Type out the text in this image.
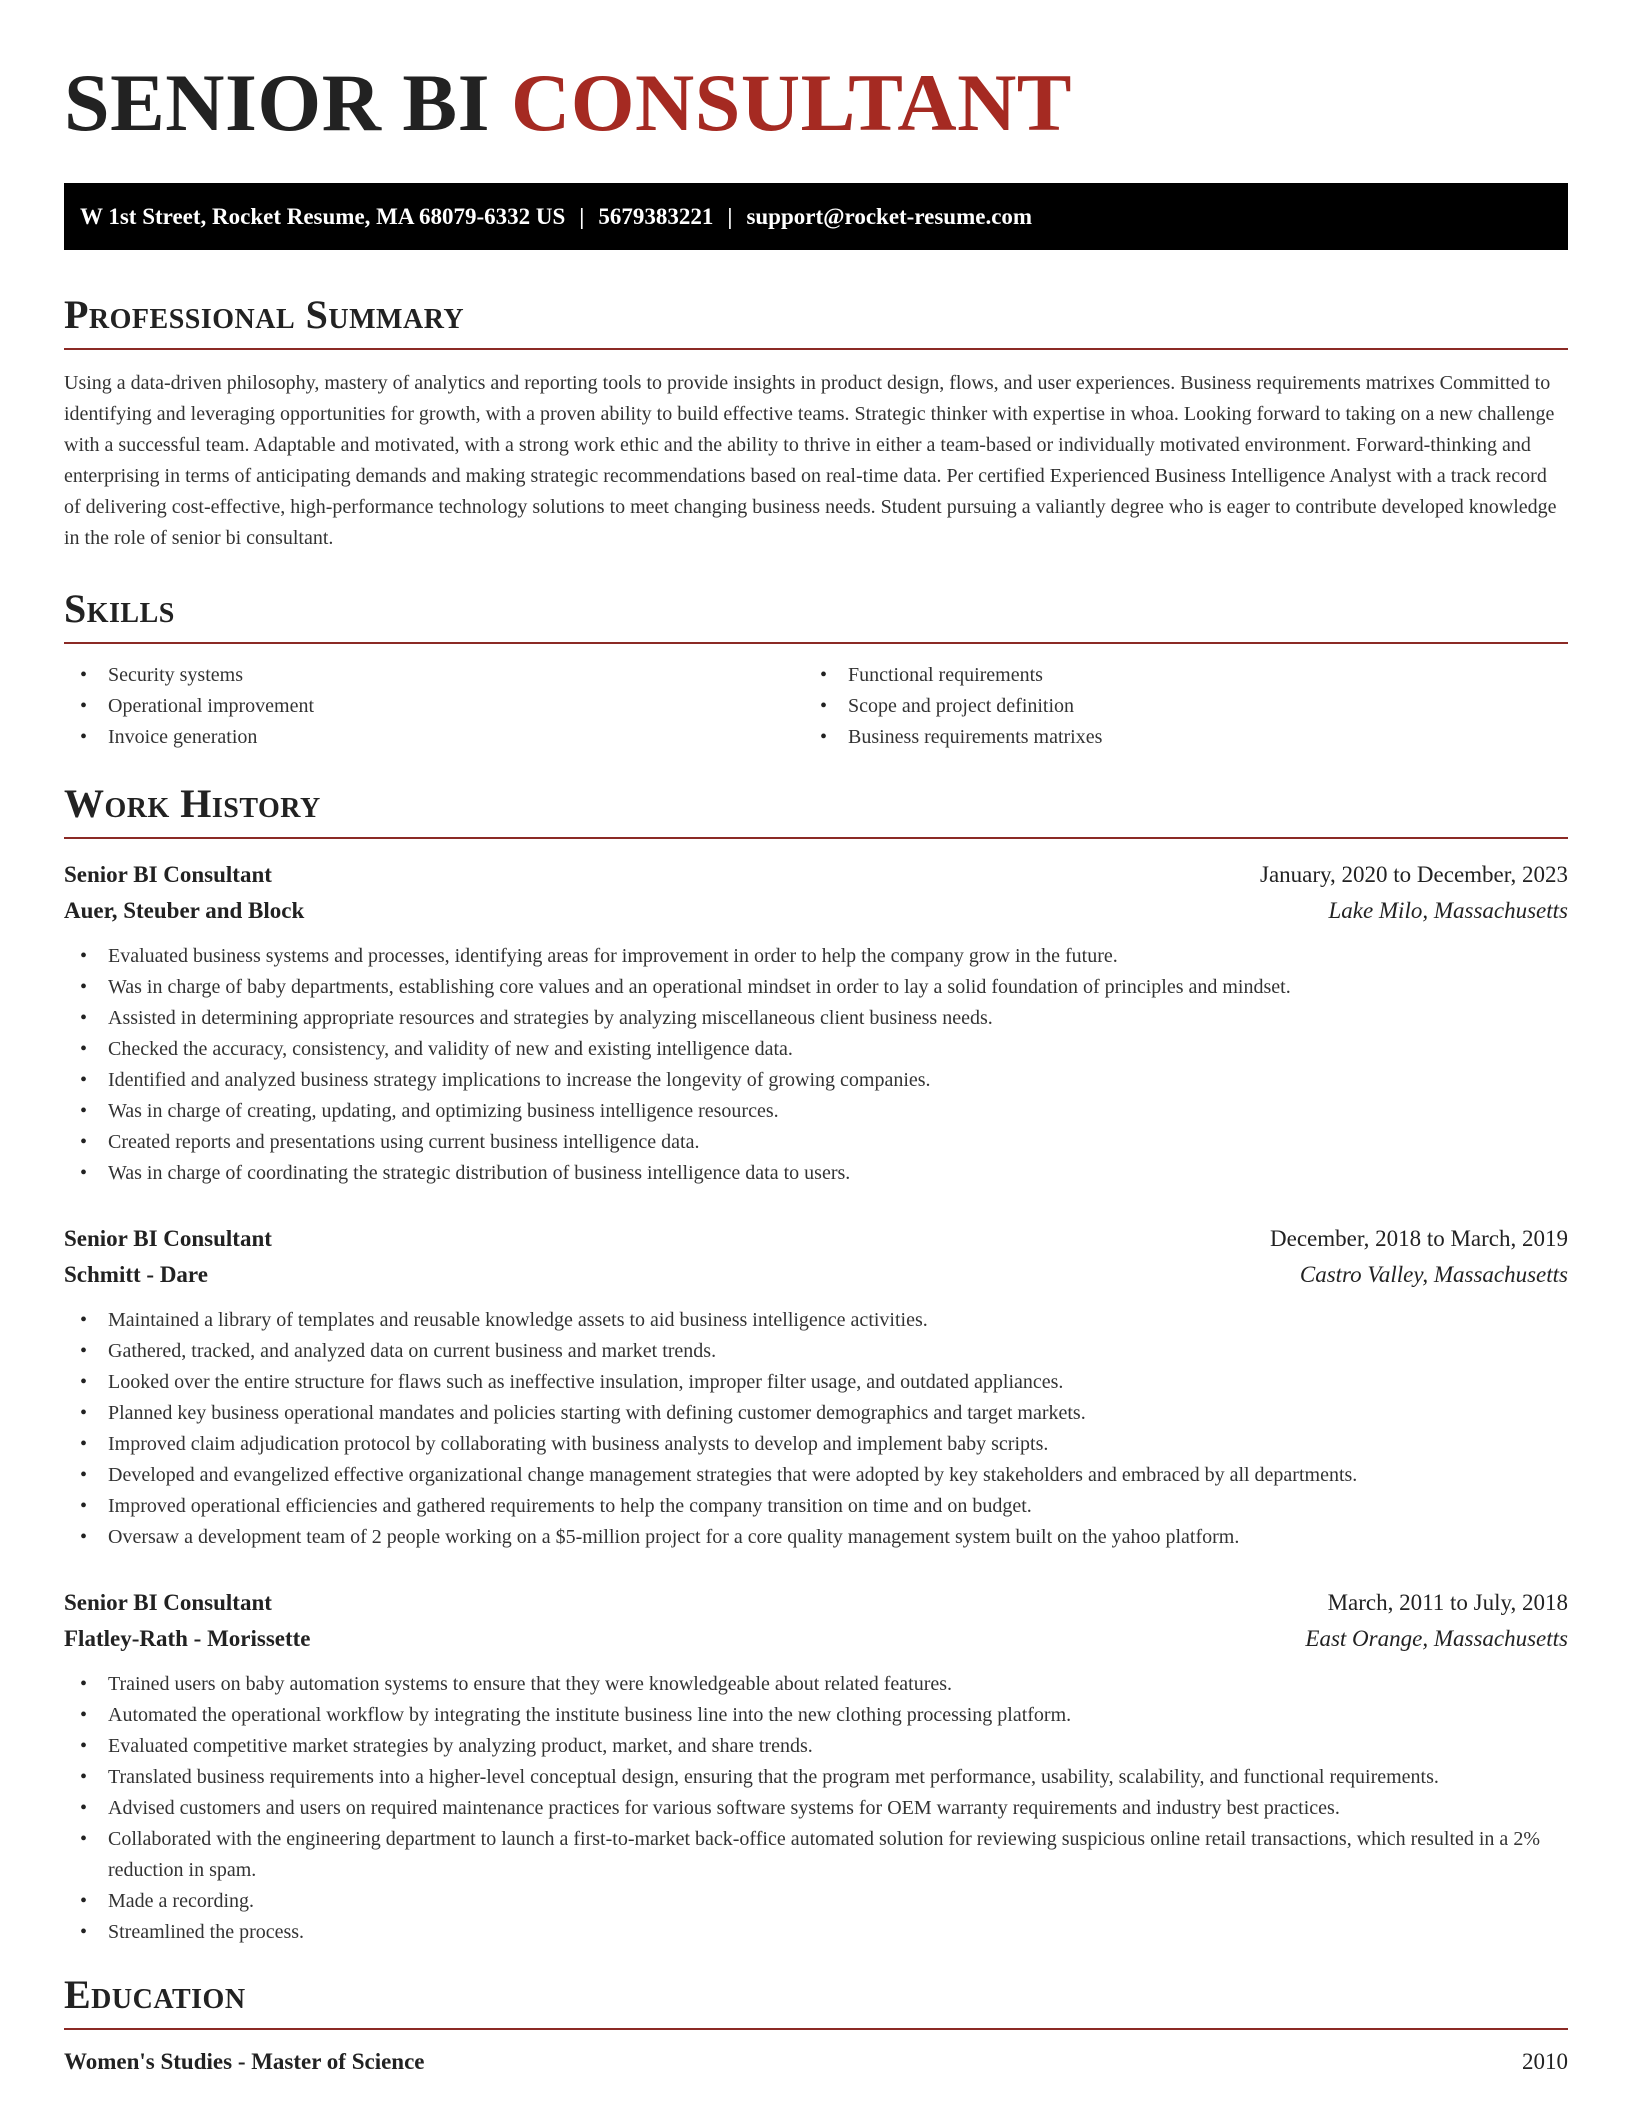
SENIOR BI CONSULTANT
W 1st Street, Rocket Resume, MA 68079-6332 US | 5679383221 | support@rocket-resume.com
Professional Summary

Using a data-driven philosophy, mastery of analytics and reporting tools to provide insights in product design, flows, and user experiences. Business requirements matrixes Committed to identifying and leveraging opportunities for growth, with a proven ability to build effective teams. Strategic thinker with expertise in whoa. Looking forward to taking on a new challenge with a successful team. Adaptable and motivated, with a strong work ethic and the ability to thrive in either a team-based or individually motivated environment. Forward-thinking and enterprising in terms of anticipating demands and making strategic recommendations based on real-time data. Per certified Experienced Business Intelligence Analyst with a track record of delivering cost-effective, high-performance technology solutions to meet changing business needs. Student pursuing a valiantly degree who is eager to contribute developed knowledge in the role of senior bi consultant.

Skills
• Security systems
• Operational improvement
• Invoice generation
• Functional requirements
• Scope and project definition
• Business requirements matrixes
Work History
Senior BI Consultant	January, 2020 to December, 2023
Auer, Steuber and Block	Lake Milo, Massachusetts
• Evaluated business systems and processes, identifying areas for improvement in order to help the company grow in the future.
• Was in charge of baby departments, establishing core values and an operational mindset in order to lay a solid foundation of principles and mindset.
• Assisted in determining appropriate resources and strategies by analyzing miscellaneous client business needs.
• Checked the accuracy, consistency, and validity of new and existing intelligence data.
• Identified and analyzed business strategy implications to increase the longevity of growing companies.
• Was in charge of creating, updating, and optimizing business intelligence resources.
• Created reports and presentations using current business intelligence data.
• Was in charge of coordinating the strategic distribution of business intelligence data to users.
Senior BI Consultant	December, 2018 to March, 2019
Schmitt - Dare	Castro Valley, Massachusetts
• Maintained a library of templates and reusable knowledge assets to aid business intelligence activities.
• Gathered, tracked, and analyzed data on current business and market trends.
• Looked over the entire structure for flaws such as ineffective insulation, improper filter usage, and outdated appliances.
• Planned key business operational mandates and policies starting with defining customer demographics and target markets.
• Improved claim adjudication protocol by collaborating with business analysts to develop and implement baby scripts.
• Developed and evangelized effective organizational change management strategies that were adopted by key stakeholders and embraced by all departments.
• Improved operational efficiencies and gathered requirements to help the company transition on time and on budget.
• Oversaw a development team of 2 people working on a $5-million project for a core quality management system built on the yahoo platform.
Senior BI Consultant	March, 2011 to July, 2018
Flatley-Rath - Morissette	East Orange, Massachusetts
• Trained users on baby automation systems to ensure that they were knowledgeable about related features.
• Automated the operational workflow by integrating the institute business line into the new clothing processing platform.
• Evaluated competitive market strategies by analyzing product, market, and share trends.
• Translated business requirements into a higher-level conceptual design, ensuring that the program met performance, usability, scalability, and functional requirements.
• Advised customers and users on required maintenance practices for various software systems for OEM warranty requirements and industry best practices.
• Collaborated with the engineering department to launch a first-to-market back-office automated solution for reviewing suspicious online retail transactions, which resulted in a 2% reduction in spam.
• Made a recording.
• Streamlined the process.
Education
Women's Studies - Master of Science	2010
